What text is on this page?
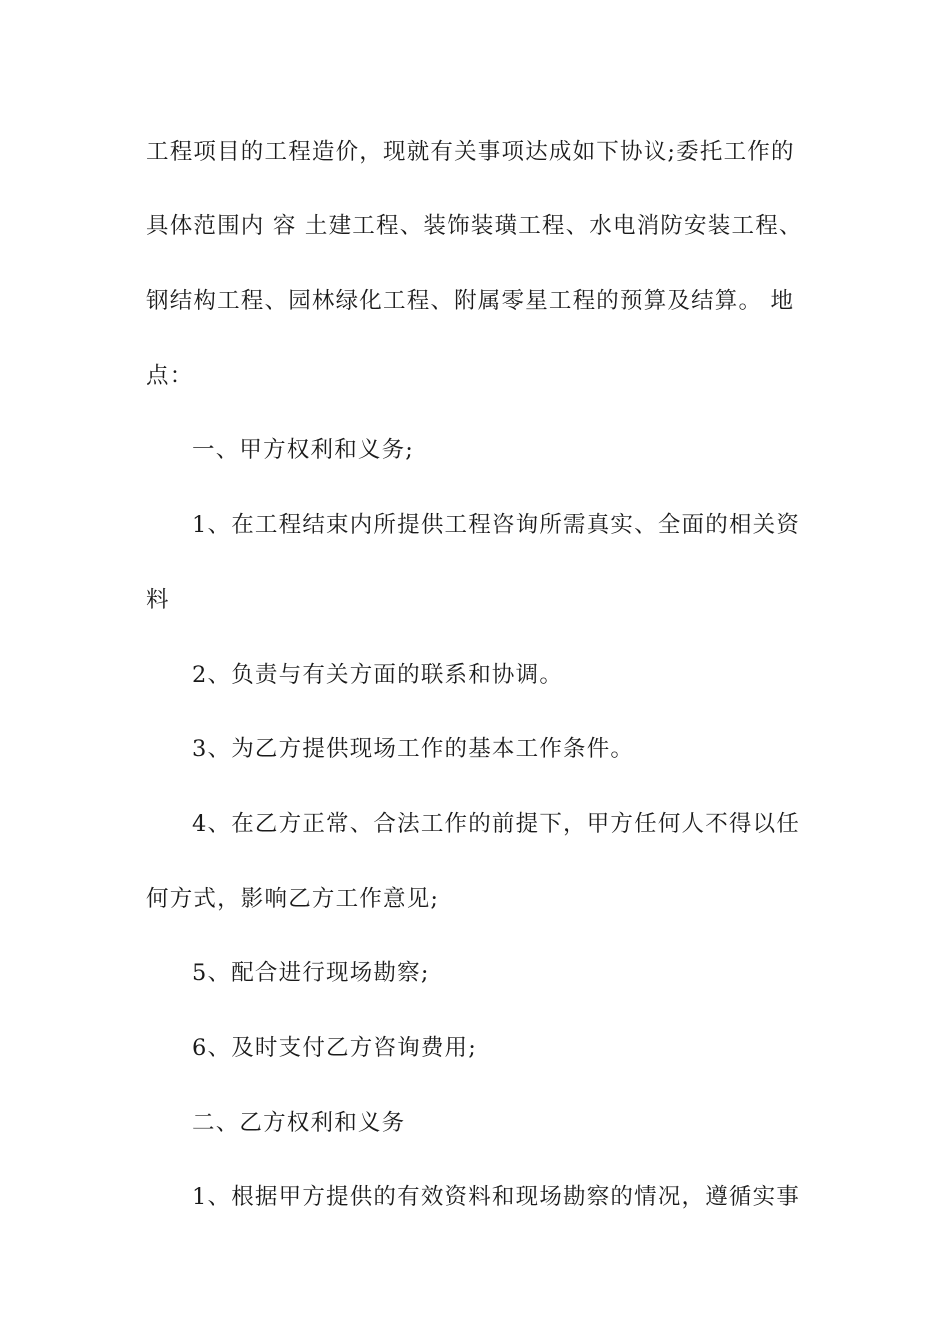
工程项目的工程造价，现就有关事项达成如下协议;委托工作的
具体范围内 容 土建工程、装饰装璜工程、水电消防安装工程、
钢结构工程、园林绿化工程、附属零星工程的预算及结算。 地
点：
一、甲方权利和义务;
1、在工程结束内所提供工程咨询所需真实、全面的相关资
料
2、负责与有关方面的联系和协调。
3、为乙方提供现场工作的基本工作条件。
4、在乙方正常、合法工作的前提下，甲方任何人不得以任
何方式，影响乙方工作意见;
5、配合进行现场勘察;
6、及时支付乙方咨询费用;
二、乙方权利和义务
1、根据甲方提供的有效资料和现场勘察的情况，遵循实事
